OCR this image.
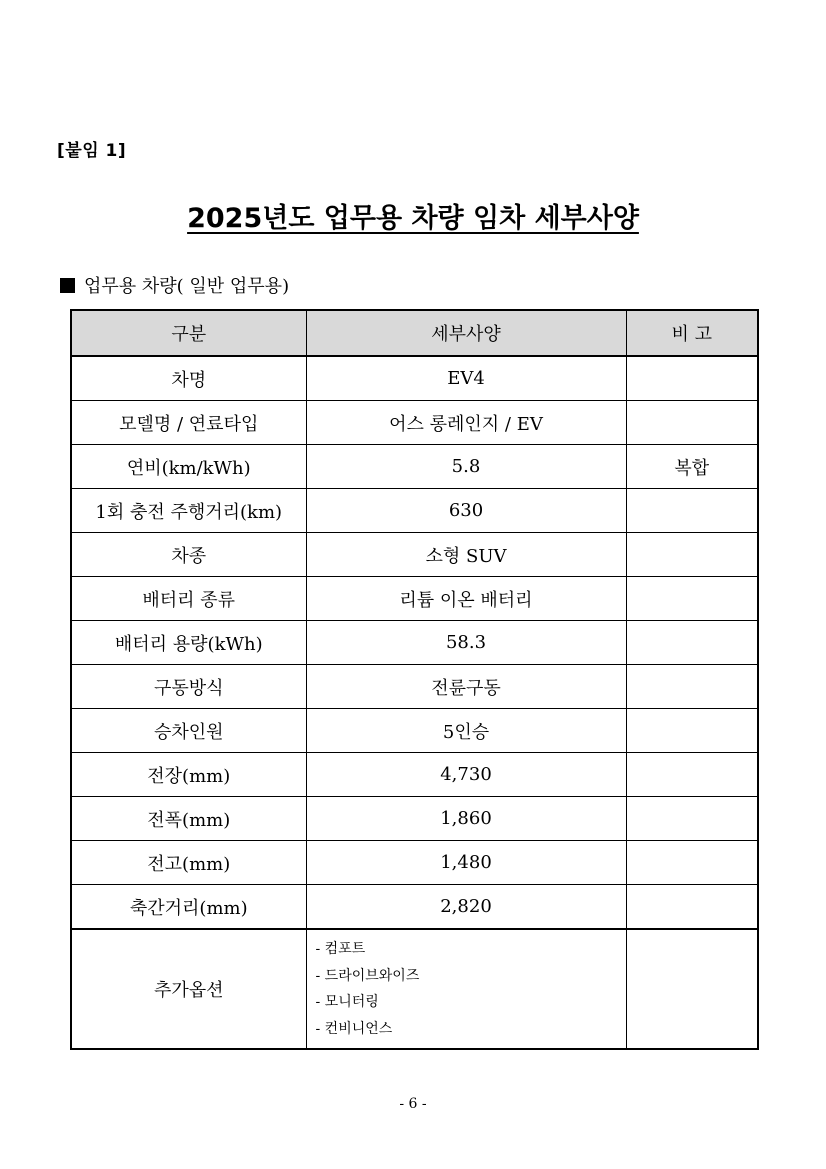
[붙임 1]
2025년도 업무용 차량 임차 세부사양
업무용 차량( 일반 업무용)
구분	세부사양	비 고
차명	EV4	
모델명 / 연료타입	어스 롱레인지 / EV	
연비(km/kWh)	5.8	복합
1회 충전 주행거리(km)	630	
차종	소형 SUV	
배터리 종류	리튬 이온 배터리	
배터리 용량(kWh)	58.3	
구동방식	전륜구동	
승차인원	5인승	
전장(mm)	4,730	
전폭(mm)	1,860	
전고(mm)	1,480	
축간거리(mm)	2,820	
추가옵션	- 컴포트
- 드라이브와이즈
- 모니터링
- 컨비니언스	

- 6 -
